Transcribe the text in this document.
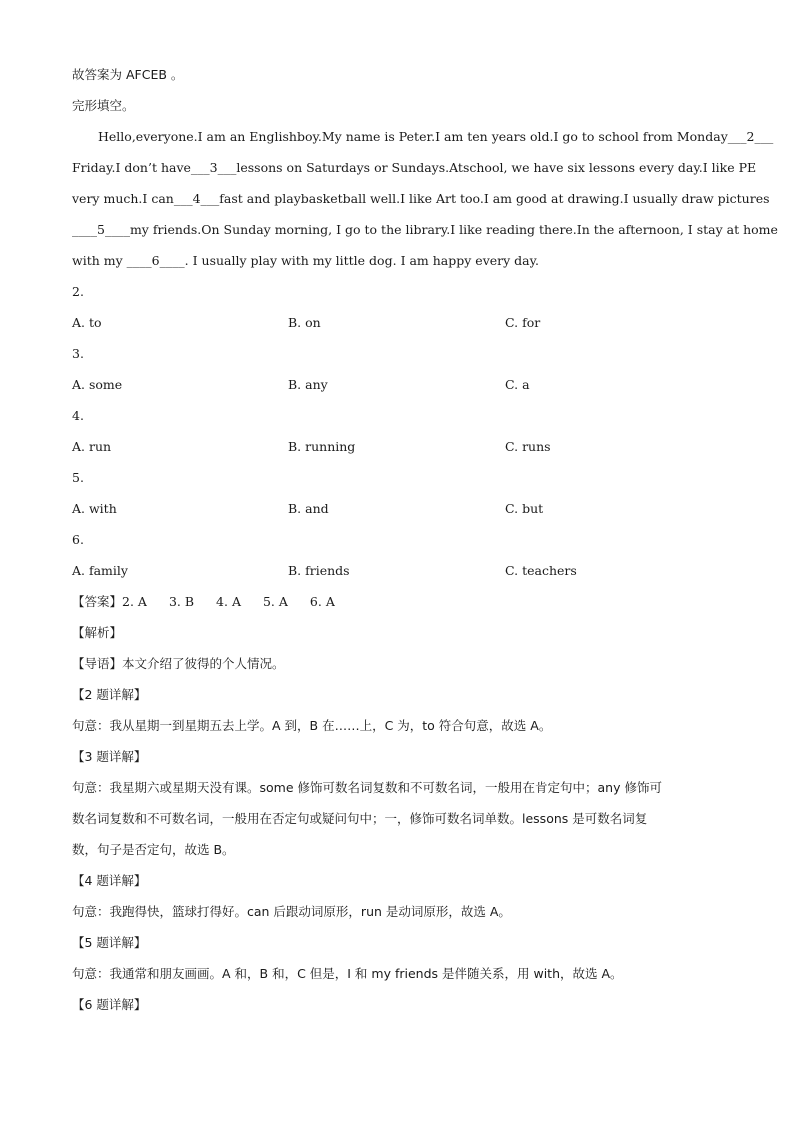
故答案为 AFCEB 。
完形填空。
Hello, everyone. I am an English boy. My name is Peter. I am ten years old. I go to school from Monday ___2___
Friday. I don’t have ___3___ lessons on Saturdays or Sundays. At school, we have six lessons every day. I like PE
very much. I can ___4___ fast and play basketball well. I like Art too. I am good at drawing. I usually draw pictures
____5____ my friends. On Sunday morning, I go to the library. I like reading there. In the afternoon, I stay at home
with my ____6____. I usually play with my little dog. I am happy every day.
2.
A. to	B. on	C. for
3.
A. some	B. any	C. a
4.
A. run	B. running	C. runs
5.
A. with	B. and	C. but
6.
A. family	B. friends	C. teachers
【答案】2. A 3. B 4. A 5. A 6. A
【解析】
【导语】本文介绍了彼得的个人情况。
【2 题详解】
句意：我从星期一到星期五去上学。A 到，B 在……上，C 为，to 符合句意，故选 A。
【3 题详解】
句意：我星期六或星期天没有课。some 修饰可数名词复数和不可数名词，一般用在肯定句中；any 修饰可
数名词复数和不可数名词，一般用在否定句或疑问句中；一，修饰可数名词单数。lessons 是可数名词复
数，句子是否定句，故选 B。
【4 题详解】
句意：我跑得快，篮球打得好。can 后跟动词原形，run 是动词原形，故选 A。
【5 题详解】
句意：我通常和朋友画画。A 和，B 和，C 但是，I 和 my friends 是伴随关系，用 with，故选 A。
【6 题详解】
